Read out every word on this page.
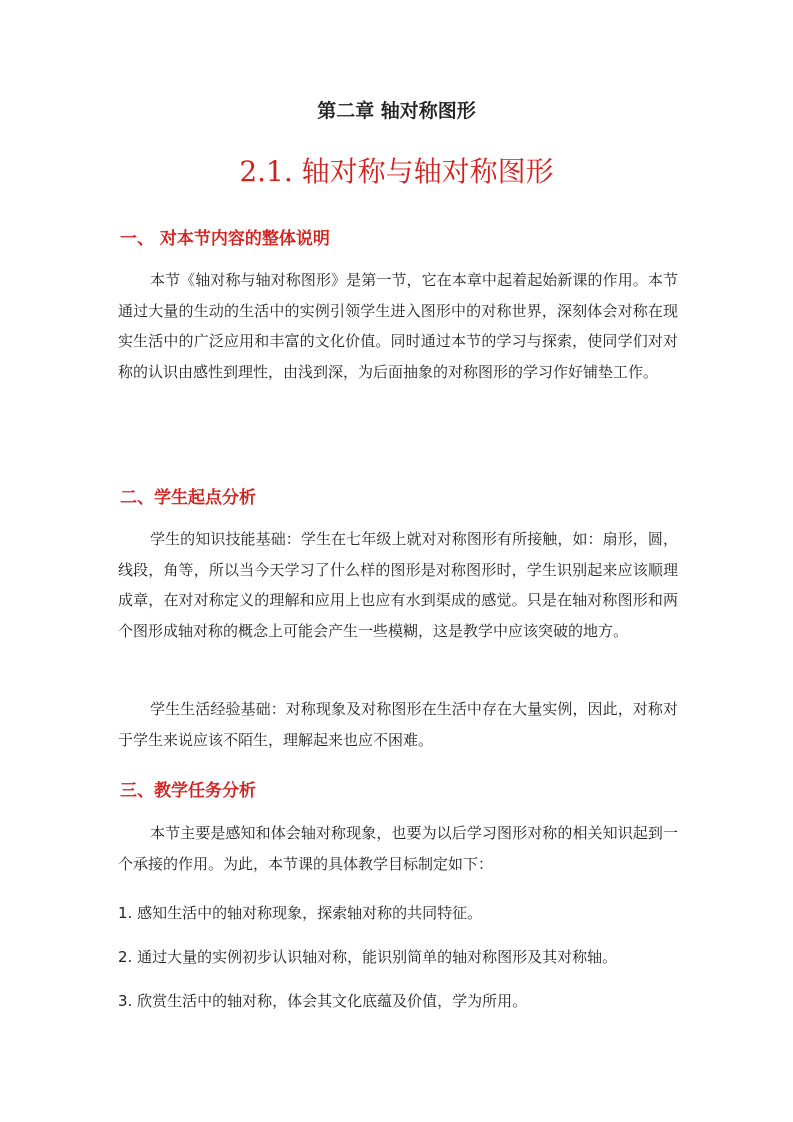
第二章 轴对称图形
2.1. 轴对称与轴对称图形
一、 对本节内容的整体说明

本节《轴对称与轴对称图形》是第一节，它在本章中起着起始新课的作用。本节通过大量的生动的生活中的实例引领学生进入图形中的对称世界，深刻体会对称在现实生活中的广泛应用和丰富的文化价值。同时通过本节的学习与探索，使同学们对对称的认识由感性到理性，由浅到深，为后面抽象的对称图形的学习作好铺垫工作。

二、学生起点分析

学生的知识技能基础：学生在七年级上就对对称图形有所接触，如：扇形，圆，线段，角等，所以当今天学习了什么样的图形是对称图形时，学生识别起来应该顺理成章，在对对称定义的理解和应用上也应有水到渠成的感觉。只是在轴对称图形和两个图形成轴对称的概念上可能会产生一些模糊，这是教学中应该突破的地方。

学生生活经验基础：对称现象及对称图形在生活中存在大量实例，因此，对称对于学生来说应该不陌生，理解起来也应不困难。

三、教学任务分析

本节主要是感知和体会轴对称现象，也要为以后学习图形对称的相关知识起到一个承接的作用。为此，本节课的具体教学目标制定如下：

1. 感知生活中的轴对称现象，探索轴对称的共同特征。
2. 通过大量的实例初步认识轴对称，能识别简单的轴对称图形及其对称轴。
3. 欣赏生活中的轴对称，体会其文化底蕴及价值，学为所用。
